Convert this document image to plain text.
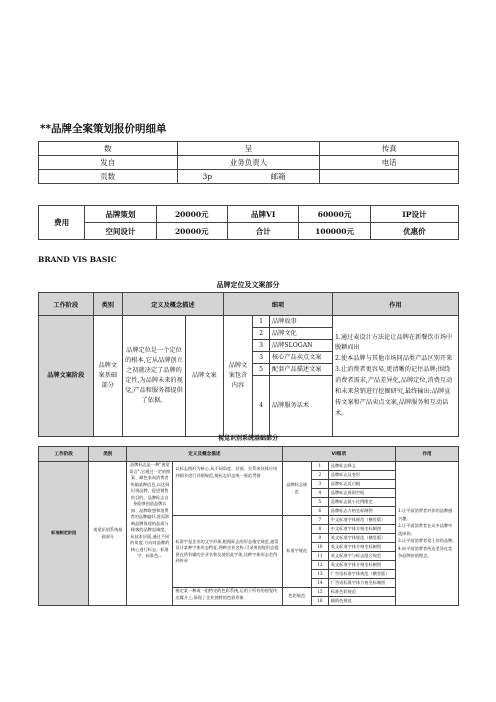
**品牌全案策划报价明细单
数	呈		传真
发自	业务负责人		电话
页数	3p	邮箱	
费用	品牌策划	20000元	品牌VI	60000元	IP设计
	空间设计	20000元	合计	100000元	优惠价
BRAND VIS BASIC
品牌定位及文案部分
工作阶段	类别	定义及概念描述		细项			作用
品牌文案阶段	品牌文案基础部分	品牌定位是一个定位的根本,它从品牌创立之初就决定了品牌的定性,为品牌未来的视觉,产品和服务都提供了依据。	品牌文案	品牌文案包含内容	1	品牌故事	1.通过麦设计方法论让品牌在新餐饮市场中脱颖而出
2.使本品牌与其他市场同品类产品区别开来
3.让消费者更容易,更清晰的记住品牌;围绕消费者需求,产品差异化,品牌定位,消费互动和未来营销进行挖掘研究,最终输出:品牌宣传文案和产品卖点文案,品牌服务和互动话术。
					2	品牌文化	
					3	品牌SLOGAN	
					3	核心产品卖点文案	
					5	配套产品描述文案	
					4	品牌服务话术	
视觉识别系统基础部分
工作阶段	类别	定义及概念描述		VI细项			作用
标准制定阶段	视觉识别系统基础部分	品牌标志是一种"视觉语言",它通过一定的图案、颜色来向消费者传输某种信息,以达到识别品牌、促进销售的目的。品牌标志自身能够创造品牌认知、品牌联想和消费者的品牌偏好,进而影响品牌体现的品质与顾客的品牌忠诚度。从技术层面,通过不同的角度,方向对品牌的核心进行标志、标准字、标准色...	以标志图形为核心,从不同角度、层面、关系来具体应用到细节进行详细规范,使标志形态统一规范贯彻	品牌标志规范	1	品牌标志释义	1.让平面消费者对你的品牌感兴趣;
2.让平面消费者在众多品牌中选择你;
3.让平面消费者爱上你的品牌;
4.向平面消费者传达差异化竞争品牌价值理念。
					2	品牌标志及变形	
					3	品牌标志反白稿	
					4	品牌标志周围空间	
					5	品牌标志最小比例限定	
					6	品牌标志方格坐标制图	
			标准字是企业的文字形象,根据标志的形态指定规范,通常设计某种字体形态特征,两种企业名称,可采用视觉形态提供在所有媒的企业名称及使用此字体,这种字体形态会得到传承	标准字规范	7	中文标准字体规范（横竖版）	
					8	中文标准字体方格坐标制图	
					9	英文标准字体规范（横竖版）	
					10	英文标准字体方格坐标制图	
					11	英文标准字与标志组合规范	
					12	英文标准字体方格坐标制图	
					13	广告语标准字体规范（横竖版）	
					14	广告语标准字体方格坐标制图	
			指定某一种或一组特定的色彩系统,运用于所有的视觉传达媒介上,体现了企业独特的色彩形象	色彩规范	15	标准色彩规范	
					16	辅助色规范	
